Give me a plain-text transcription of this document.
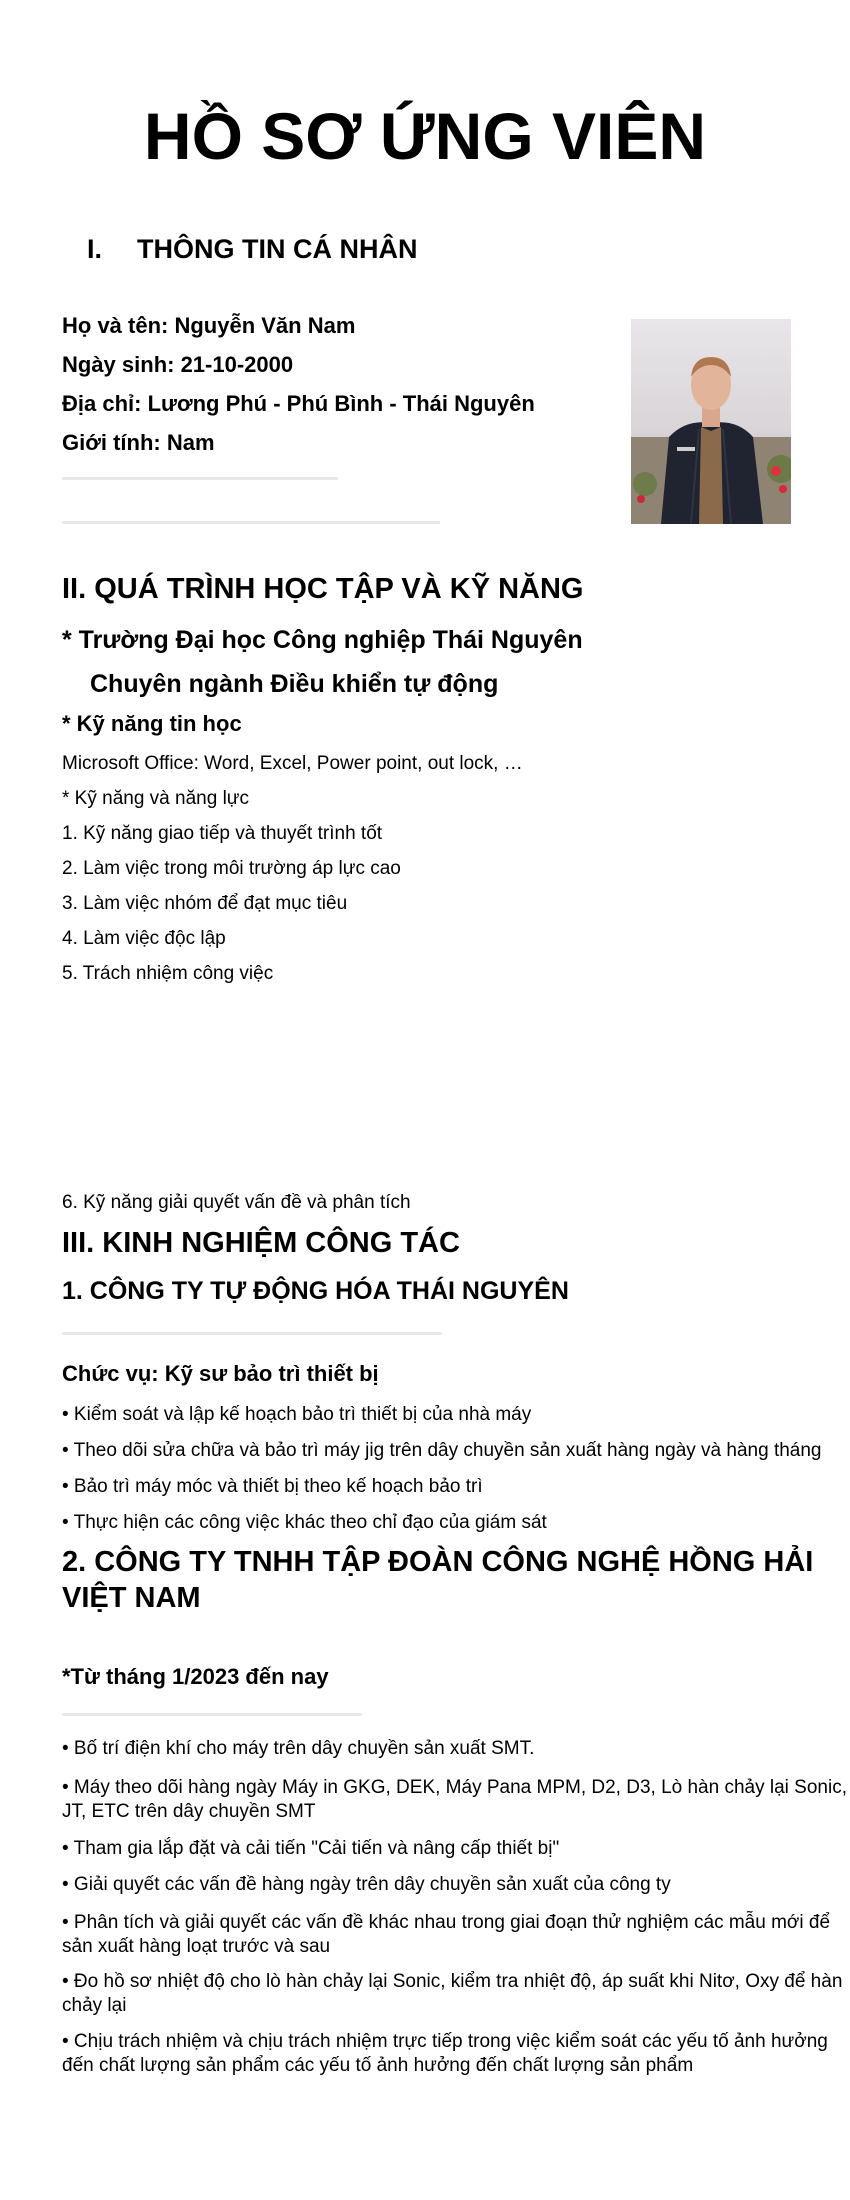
HỒ SƠ ỨNG VIÊN
I. THÔNG TIN CÁ NHÂN
Họ và tên: Nguyễn Văn Nam
Ngày sinh: 21-10-2000
Địa chỉ: Lương Phú - Phú Bình - Thái Nguyên
Giới tính: Nam
II. QUÁ TRÌNH HỌC TẬP VÀ KỸ NĂNG
* Trường Đại học Công nghiệp Thái Nguyên
Chuyên ngành Điều khiển tự động
* Kỹ năng tin học
Microsoft Office: Word, Excel, Power point, out lock, …
* Kỹ năng và năng lực
1. Kỹ năng giao tiếp và thuyết trình tốt
2. Làm việc trong môi trường áp lực cao
3. Làm việc nhóm để đạt mục tiêu
4. Làm việc độc lập
5. Trách nhiệm công việc
6. Kỹ năng giải quyết vấn đề và phân tích
III. KINH NGHIỆM CÔNG TÁC
1. CÔNG TY TỰ ĐỘNG HÓA THÁI NGUYÊN
Chức vụ: Kỹ sư bảo trì thiết bị
• Kiểm soát và lập kế hoạch bảo trì thiết bị của nhà máy
• Theo dõi sửa chữa và bảo trì máy jig trên dây chuyền sản xuất hàng ngày và hàng tháng
• Bảo trì máy móc và thiết bị theo kế hoạch bảo trì
• Thực hiện các công việc khác theo chỉ đạo của giám sát
2. CÔNG TY TNHH TẬP ĐOÀN CÔNG NGHỆ HỒNG HẢI VIỆT NAM
*Từ tháng 1/2023 đến nay
• Bố trí điện khí cho máy trên dây chuyền sản xuất SMT.
• Máy theo dõi hàng ngày Máy in GKG, DEK, Máy Pana MPM, D2, D3, Lò hàn chảy lại Sonic, JT, ETC trên dây chuyền SMT
• Tham gia lắp đặt và cải tiến "Cải tiến và nâng cấp thiết bị"
• Giải quyết các vấn đề hàng ngày trên dây chuyền sản xuất của công ty
• Phân tích và giải quyết các vấn đề khác nhau trong giai đoạn thử nghiệm các mẫu mới để sản xuất hàng loạt trước và sau
• Đo hồ sơ nhiệt độ cho lò hàn chảy lại Sonic, kiểm tra nhiệt độ, áp suất khi Nitơ, Oxy để hàn chảy lại
• Chịu trách nhiệm và chịu trách nhiệm trực tiếp trong việc kiểm soát các yếu tố ảnh hưởng đến chất lượng sản phẩm các yếu tố ảnh hưởng đến chất lượng sản phẩm
